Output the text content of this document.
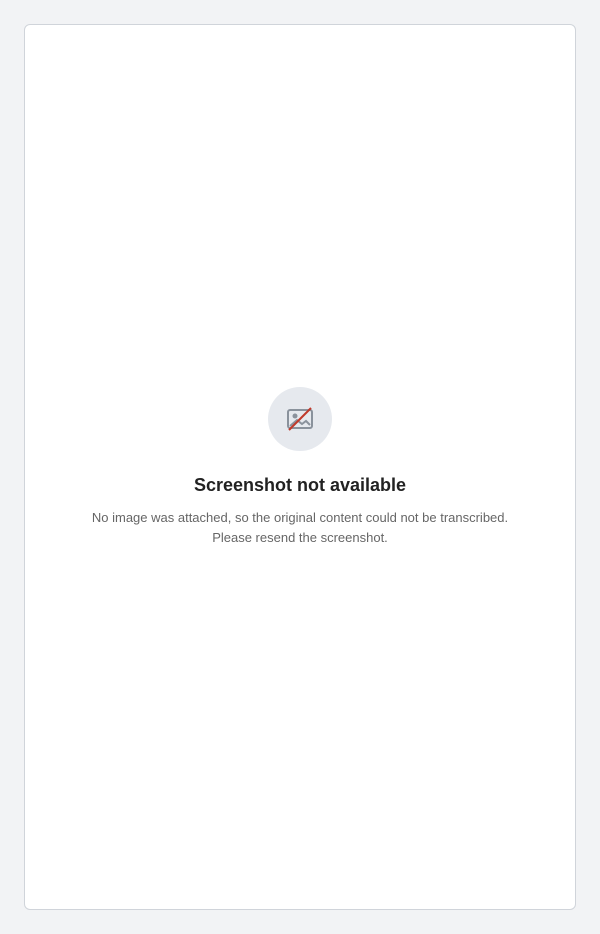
Screenshot not available

No image was attached, so the original content could not be transcribed. Please resend the screenshot.
